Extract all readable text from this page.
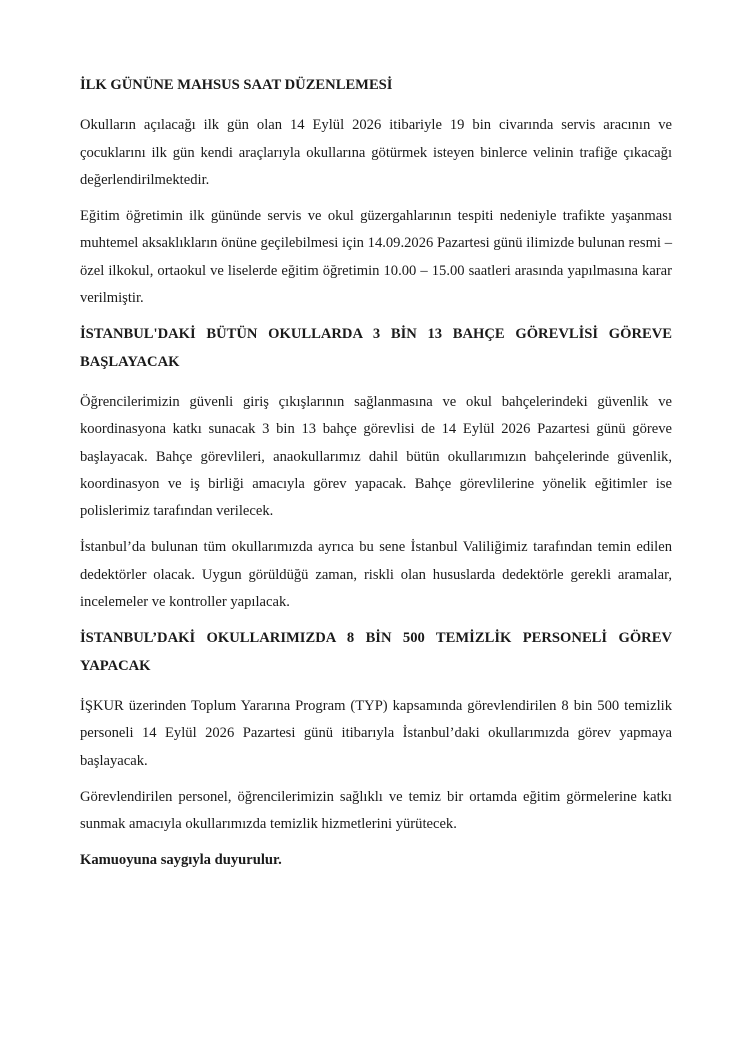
İLK GÜNÜNE MAHSUS SAAT DÜZENLEMESİ

Okulların açılacağı ilk gün olan 14 Eylül 2026 itibariyle 19 bin civarında servis aracının ve çocuklarını ilk gün kendi araçlarıyla okullarına götürmek isteyen binlerce velinin trafiğe çıkacağı değerlendirilmektedir.

Eğitim öğretimin ilk gününde servis ve okul güzergahlarının tespiti nedeniyle trafikte yaşanması muhtemel aksaklıkların önüne geçilebilmesi için 14.09.2026 Pazartesi günü ilimizde bulunan resmi – özel ilkokul, ortaokul ve liselerde eğitim öğretimin 10.00 – 15.00 saatleri arasında yapılmasına karar verilmiştir.

İSTANBUL'DAKİ BÜTÜN OKULLARDA 3 BİN 13 BAHÇE GÖREVLİSİ GÖREVE BAŞLAYACAK

Öğrencilerimizin güvenli giriş çıkışlarının sağlanmasına ve okul bahçelerindeki güvenlik ve koordinasyona katkı sunacak 3 bin 13 bahçe görevlisi de 14 Eylül 2026 Pazartesi günü göreve başlayacak. Bahçe görevlileri, anaokullarımız dahil bütün okullarımızın bahçelerinde güvenlik, koordinasyon ve iş birliği amacıyla görev yapacak. Bahçe görevlilerine yönelik eğitimler ise polislerimiz tarafından verilecek.

İstanbul’da bulunan tüm okullarımızda ayrıca bu sene İstanbul Valiliğimiz tarafından temin edilen dedektörler olacak. Uygun görüldüğü zaman, riskli olan hususlarda dedektörle gerekli aramalar, incelemeler ve kontroller yapılacak.

İSTANBUL’DAKİ OKULLARIMIZDA 8 BİN 500 TEMİZLİK PERSONELİ GÖREV YAPACAK

İŞKUR üzerinden Toplum Yararına Program (TYP) kapsamında görevlendirilen 8 bin 500 temizlik personeli 14 Eylül 2026 Pazartesi günü itibarıyla İstanbul’daki okullarımızda görev yapmaya başlayacak.

Görevlendirilen personel, öğrencilerimizin sağlıklı ve temiz bir ortamda eğitim görmelerine katkı sunmak amacıyla okullarımızda temizlik hizmetlerini yürütecek.

Kamuoyuna saygıyla duyurulur.
